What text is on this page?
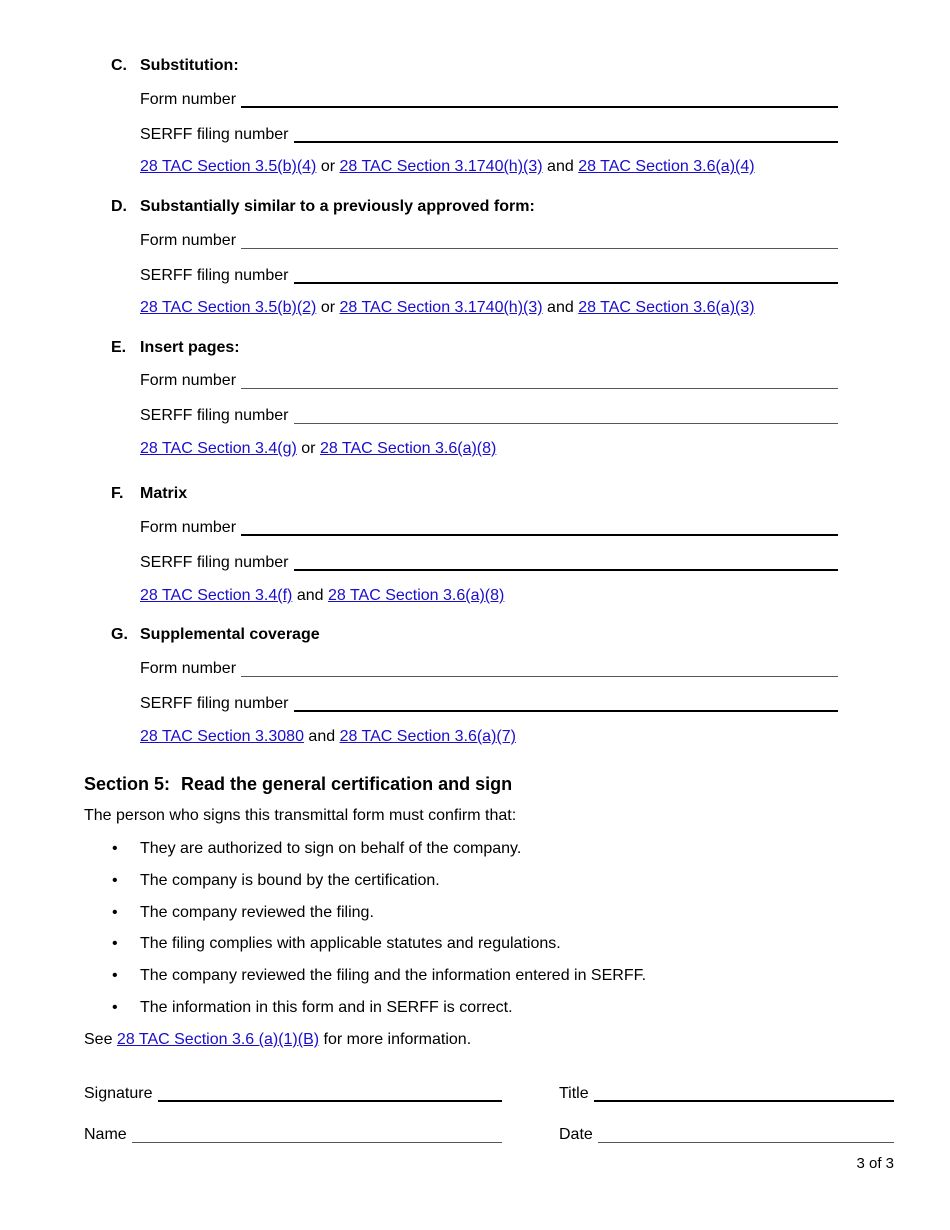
C. Substitution:
Form number
SERFF filing number
28 TAC Section 3.5(b)(4) or 28 TAC Section 3.1740(h)(3) and 28 TAC Section 3.6(a)(4)
D. Substantially similar to a previously approved form:
Form number
SERFF filing number
28 TAC Section 3.5(b)(2) or 28 TAC Section 3.1740(h)(3) and 28 TAC Section 3.6(a)(3)
E. Insert pages:
Form number
SERFF filing number
28 TAC Section 3.4(g) or 28 TAC Section 3.6(a)(8)
F. Matrix
Form number
SERFF filing number
28 TAC Section 3.4(f) and 28 TAC Section 3.6(a)(8)
G. Supplemental coverage
Form number
SERFF filing number
28 TAC Section 3.3080 and 28 TAC Section 3.6(a)(7)
Section 5: Read the general certification and sign
The person who signs this transmittal form must confirm that:
• They are authorized to sign on behalf of the company.
• The company is bound by the certification.
• The company reviewed the filing.
• The filing complies with applicable statutes and regulations.
• The company reviewed the filing and the information entered in SERFF.
• The information in this form and in SERFF is correct.
See 28 TAC Section 3.6 (a)(1)(B) for more information.
Signature	Title
Name	Date
3 of 3
